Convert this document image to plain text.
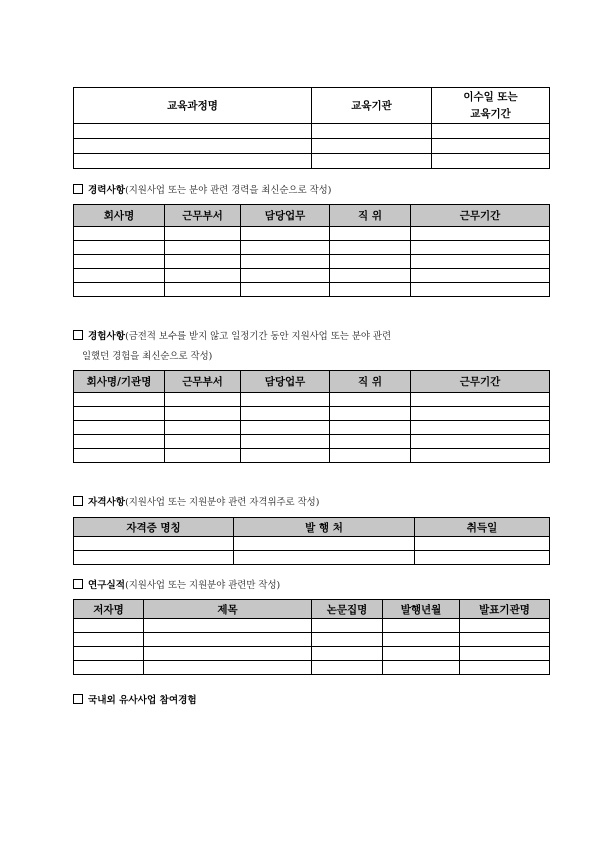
교육과정명	교육기관	이수일 또는
교육기간

경력사항(지원사업 또는 분야 관련 경력을 최신순으로 작성)
회사명	근무부서	담당업무	직 위	근무기간

경험사항(금전적 보수를 받지 않고 일정기간 동안 지원사업 또는 분야 관련
일했던 경험을 최신순으로 작성)
회사명/기관명	근무부서	담당업무	직 위	근무기간

자격사항(지원사업 또는 지원분야 관련 자격위주로 작성)
자격증 명칭	발 행 처	취득일

연구실적(지원사업 또는 지원분야 관련만 작성)
저자명	제목	논문집명	발행년월	발표기관명

국내외 유사사업 참여경험
